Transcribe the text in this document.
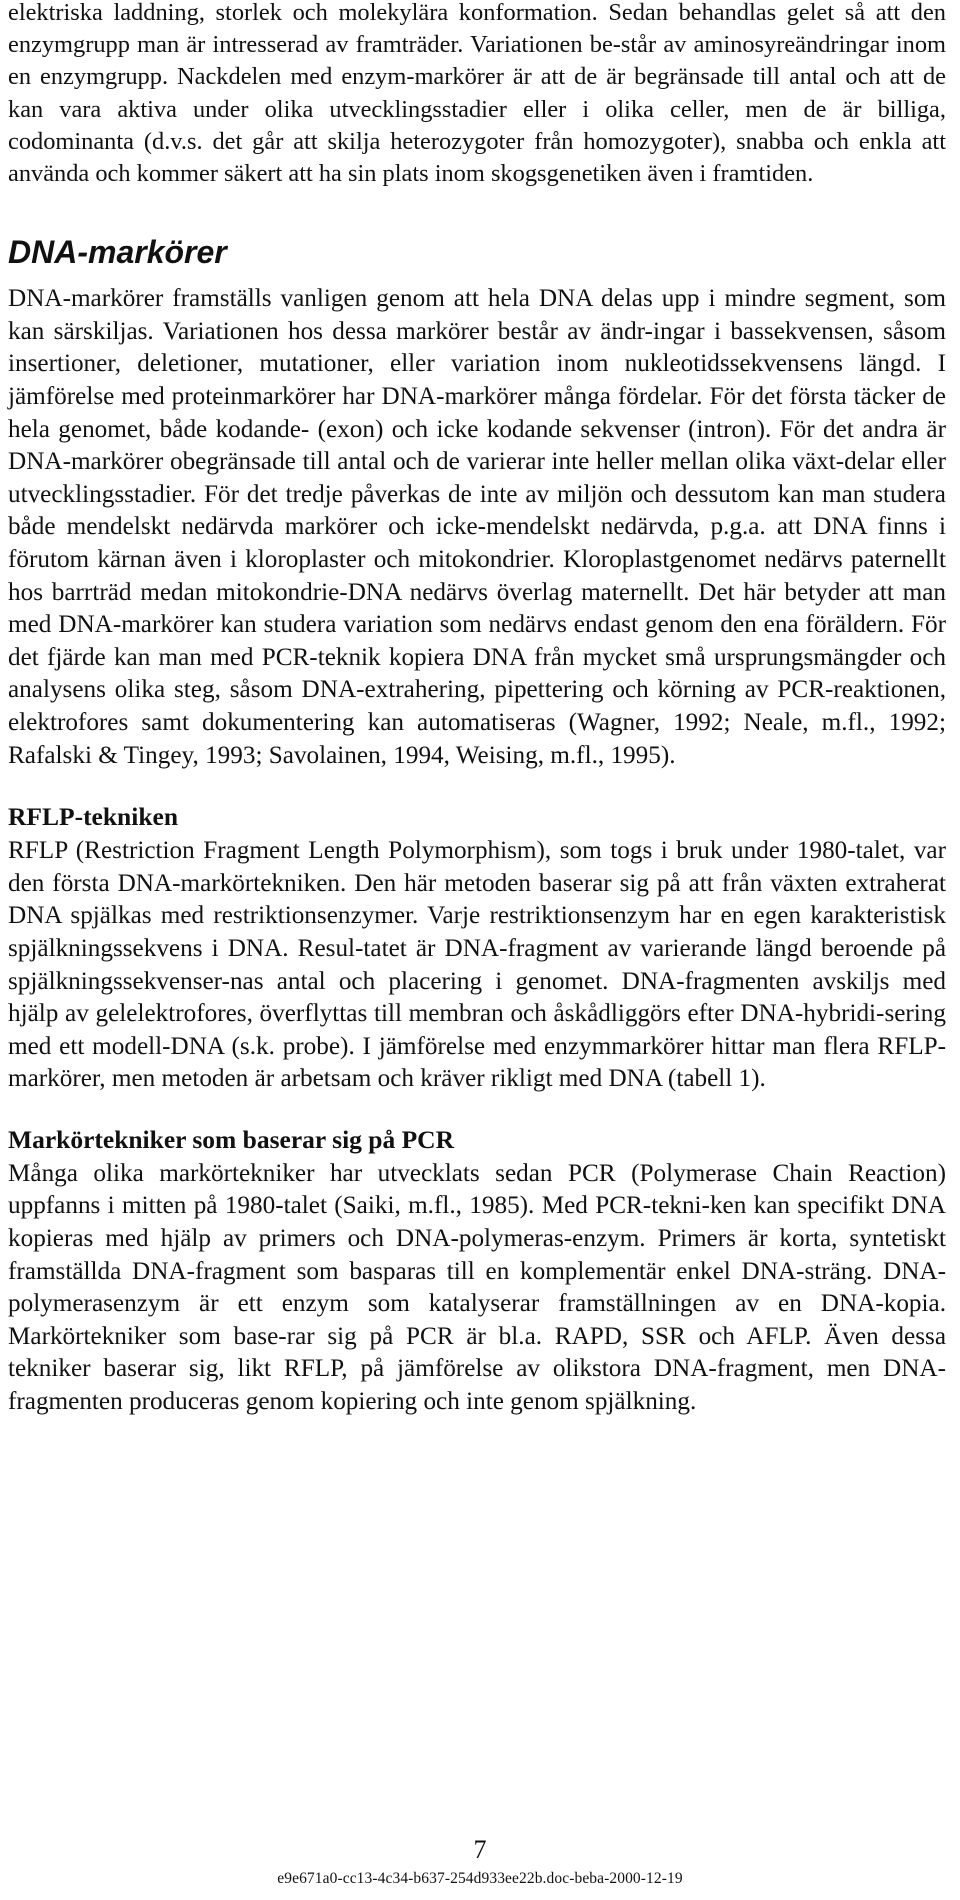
elektriska laddning, storlek och molekylära konformation. Sedan behandlas gelet så att den enzymgrupp man är intresserad av framträder. Variationen be-står av aminosyreändringar inom en enzymgrupp. Nackdelen med enzym-markörer är att de är begränsade till antal och att de kan vara aktiva under olika utvecklingsstadier eller i olika celler, men de är billiga, codominanta (d.v.s. det går att skilja heterozygoter från homozygoter), snabba och enkla att använda och kommer säkert att ha sin plats inom skogsgenetiken även i framtiden.

DNA-markörer

DNA-markörer framställs vanligen genom att hela DNA delas upp i mindre segment, som kan särskiljas. Variationen hos dessa markörer består av ändr-ingar i bassekvensen, såsom insertioner, deletioner, mutationer, eller variation inom nukleotidssekvensens längd. I jämförelse med proteinmarkörer har DNA-markörer många fördelar. För det första täcker de hela genomet, både kodande- (exon) och icke kodande sekvenser (intron). För det andra är DNA-markörer obegränsade till antal och de varierar inte heller mellan olika växt-delar eller utvecklingsstadier. För det tredje påverkas de inte av miljön och dessutom kan man studera både mendelskt nedärvda markörer och icke-mendelskt nedärvda, p.g.a. att DNA finns i förutom kärnan även i kloroplaster och mitokondrier. Kloroplastgenomet nedärvs paternellt hos barrträd medan mitokondrie-DNA nedärvs överlag maternellt. Det här betyder att man med DNA-markörer kan studera variation som nedärvs endast genom den ena föräldern. För det fjärde kan man med PCR-teknik kopiera DNA från mycket små ursprungsmängder och analysens olika steg, såsom DNA-extrahering, pipettering och körning av PCR-reaktionen, elektrofores samt dokumentering kan automatiseras (Wagner, 1992; Neale, m.fl., 1992; Rafalski & Tingey, 1993; Savolainen, 1994, Weising, m.fl., 1995).

RFLP-tekniken

RFLP (Restriction Fragment Length Polymorphism), som togs i bruk under 1980-talet, var den första DNA-markörtekniken. Den här metoden baserar sig på att från växten extraherat DNA spjälkas med restriktionsenzymer. Varje restriktionsenzym har en egen karakteristisk spjälkningssekvens i DNA. Resul-tatet är DNA-fragment av varierande längd beroende på spjälkningssekvenser-nas antal och placering i genomet. DNA-fragmenten avskiljs med hjälp av gelelektrofores, överflyttas till membran och åskådliggörs efter DNA-hybridi-sering med ett modell-DNA (s.k. probe). I jämförelse med enzymmarkörer hittar man flera RFLP-markörer, men metoden är arbetsam och kräver rikligt med DNA (tabell 1).

Markörtekniker som baserar sig på PCR

Många olika markörtekniker har utvecklats sedan PCR (Polymerase Chain Reaction) uppfanns i mitten på 1980-talet (Saiki, m.fl., 1985). Med PCR-tekni-ken kan specifikt DNA kopieras med hjälp av primers och DNA-polymeras-enzym. Primers är korta, syntetiskt framställda DNA-fragment som basparas till en komplementär enkel DNA-sträng. DNA-polymerasenzym är ett enzym som katalyserar framställningen av en DNA-kopia. Markörtekniker som base-rar sig på PCR är bl.a. RAPD, SSR och AFLP. Även dessa tekniker baserar sig, likt RFLP, på jämförelse av olikstora DNA-fragment, men DNA-fragmenten produceras genom kopiering och inte genom spjälkning.

7
e9e671a0-cc13-4c34-b637-254d933ee22b.doc-beba-2000-12-19
